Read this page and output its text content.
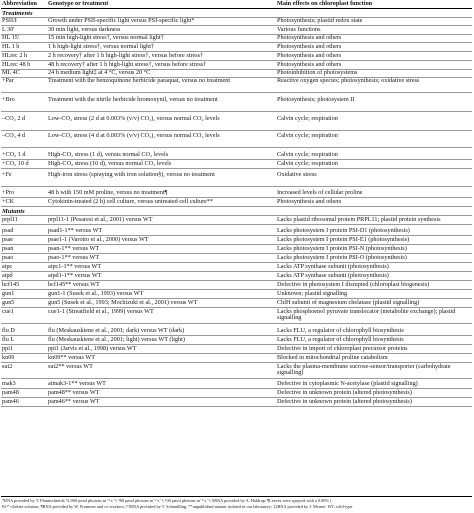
Abbreviation Genotype or treatment	Main effects on chloroplast function
Treatments
PSII/I	Growth under PSII-specific light versus PSI-specific light*	Photosynthesis; plastid redox state
L 30'	30 min light, versus darkness	Various functions
HL 15'	15 min high-light stress†, versus normal light†	Photosynthesis and others
HL 1 h	1 h high-light stress†, versus normal light†	Photosynthesis and others
HLrec 2 h	2 h recovery† after 1 h high-light stress†, versus before stress†	Photosynthesis and others
HLrec 48 h	48 h recovery† after 1 h high-light stress†, versus before stress†	Photosynthesis and others
ML 4C	24 h medium light‡ at 4 °C, versus 20 °C	Photoinhibition of photosystems
+Par	Treatment with the benzoquinone herbicide paraquat, versus no treatment	Reactive oxygen species; photosynthesis; oxidative stress
+Bro	Treatment with the nitrile herbicide bromoxynil, versus no treatment	Photosynthesis; photosystem II
–CO₂ 2 d	Low-CO₂ stress (2 d at 0.003% (v/v) CO₂), versus normal CO₂ levels	Calvin cycle; respiration
–CO₂ 4 d	Low-CO₂ stress (4 d at 0.003% (v/v) CO₂), versus normal CO₂ levels	Calvin cycle; respiration
+CO₂ 1 d	High-CO₂ stress (1 d), versus normal CO₂ levels	Calvin cycle; respiration
+CO₂ 10 d	High-CO₂ stress (10 d), versus normal CO₂ levels	Calvin cycle; respiration
+Fe	High-iron stress (spraying with iron solution§), versus no treatment	Oxidative stress
+Pro	48 h with 150 mM proline, versus no treatment¶	Increased levels of cellular proline
+CK	Cytokinin-treated (2 h) cell culture, versus untreated cell culture**	Photosynthesis and others
Mutants
prpl11	prpl11-1 (Pesaresi et al., 2001) versus WT	Lacks plastid ribosomal protein PRPL11; plastid protein synthesis
psad	psad1-1** versus WT	Lacks photosystem I protein PSI-D1 (photosynthesis)
psae	psae1-1 (Varotto et al., 2000) versus WT	Lacks photosystem I protein PSI-E1 (photosynthesis)
psan	psan-1** versus WT	Lacks photosystem I protein PSI-N (photosynthesis)
psao	psao-1** versus WT	Lacks photosystem I protein PSI-O (photosynthesis)
atpc	atpc1-1** versus WT	Lacks ATP synthase subunit (photosynthesis)
atpd	atpd1-1** versus WT	Lacks ATP synthase subunit (photosynthesis)
hcf145	hcf145** versus WT	Defective in photosystem I disrupted (chloroplast biogenesis)
gun1	gun1-1 (Susek et al., 1993) versus WT	Unknown; plastid signalling
gun5	gun5 (Susek et al., 1993; Mochizuki et al., 2001) versus WT	ChlH subunit of magnesium chelatase (plastid signalling)
cue1	cue1-1 (Streatfield et al., 1999) versus WT	Lacks phosphoenol pyruvate translocator (metabolite exchange); plastid signalling
flu D	flu (Meskauskiene et al., 2001; dark) versus WT (dark)	Lacks FLU, a regulator of chlorophyll biosynthesis
flu L	flu (Meskauskiene et al., 2001; light) versus WT (light)	Lacks FLU, a regulator of chlorophyll biosynthesis
ppi1	ppi1 (Jarvis et al., 1998) versus WT	Defective in import of chloroplast precursor proteins
kn09	kn09** versus WT	Blocked in mitochondrial proline catabolism
sut2	sut2** versus WT	Lacks the plasma-membrane sucrose-sensor/transporter (carbohydrate signalling)
mak3	atmak3-1** versus WT	Defective in cytoplasmic N-acetylase (plastid signalling)
pam48	pam48** versus WT	Defective in unknown protein (altered photosynthesis)
pam46	pam46** versus WT	Defective in unknown protein (altered photosynthesis)
*RNA provided by T. Pfannschmidt; ²2,000 μmol photons m⁻² s⁻¹; ³80 μmol photons m⁻² s⁻¹; ¹00 μmol photons m⁻² s⁻¹; §RNA provided by A. Haldrup; ¶Leaves were sprayed with a 0.06% (
Fe³⁺-chelate solution; ¶RNA provided by W. Frommer and co-workers; ††RNA provided by T. Schmülling; **unpublished mutant isolated in our laboratory; ‡‡RNA provided by J. Meurer. WT, wild-type
